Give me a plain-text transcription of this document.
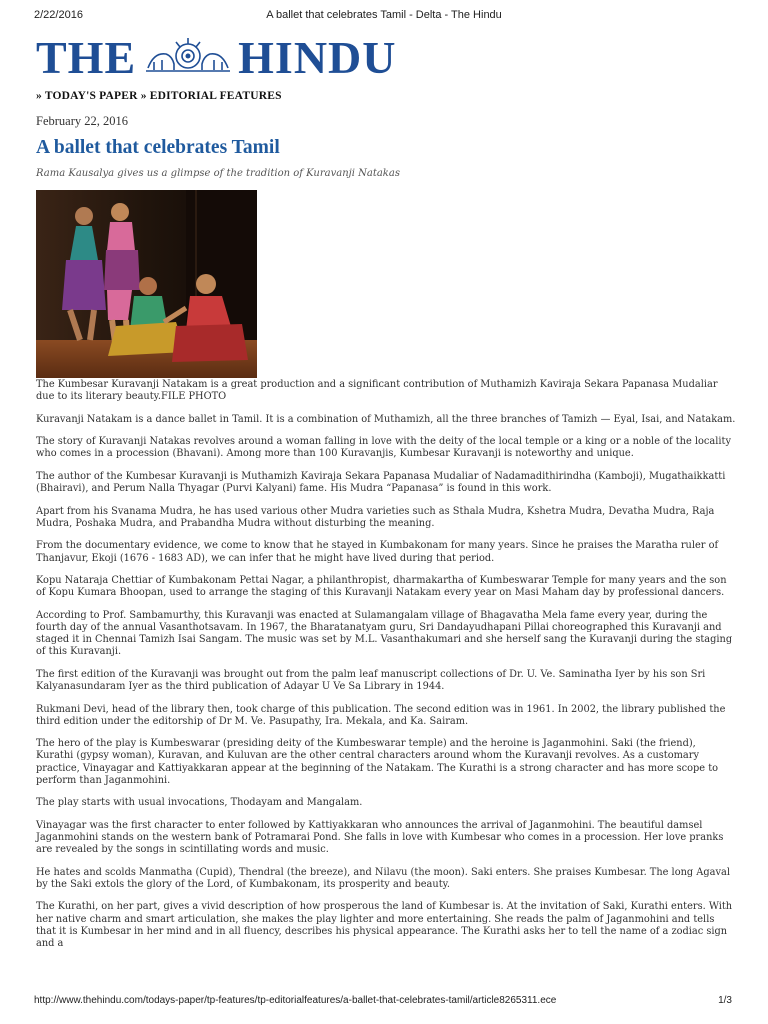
2/22/2016	A ballet that celebrates Tamil - Delta - The Hindu
THE HINDU
» TODAY'S PAPER » EDITORIAL FEATURES
February 22, 2016
A ballet that celebrates Tamil
Rama Kausalya gives us a glimpse of the tradition of Kuravanji Natakas

The Kumbesar Kuravanji Natakam is a great production and a significant contribution of Muthamizh Kaviraja Sekara Papanasa Mudaliar due to its literary beauty.FILE PHOTO

Kuravanji Natakam is a dance ballet in Tamil. It is a combination of Muthamizh, all the three branches of Tamizh — Eyal, Isai, and Natakam.

The story of Kuravanji Natakas revolves around a woman falling in love with the deity of the local temple or a king or a noble of the locality who comes in a procession (Bhavani). Among more than 100 Kuravanjis, Kumbesar Kuravanji is noteworthy and unique.

The author of the Kumbesar Kuravanji is Muthamizh Kaviraja Sekara Papanasa Mudaliar of Nadamadithirindha (Kamboji), Mugathaikkatti (Bhairavi), and Perum Nalla Thyagar (Purvi Kalyani) fame. His Mudra “Papanasa” is found in this work.

Apart from his Svanama Mudra, he has used various other Mudra varieties such as Sthala Mudra, Kshetra Mudra, Devatha Mudra, Raja Mudra, Poshaka Mudra, and Prabandha Mudra without disturbing the meaning.

From the documentary evidence, we come to know that he stayed in Kumbakonam for many years. Since he praises the Maratha ruler of Thanjavur, Ekoji (1676 - 1683 AD), we can infer that he might have lived during that period.

Kopu Nataraja Chettiar of Kumbakonam Pettai Nagar, a philanthropist, dharmakartha of Kumbeswarar Temple for many years and the son of Kopu Kumara Bhoopan, used to arrange the staging of this Kuravanji Natakam every year on Masi Maham day by professional dancers.

According to Prof. Sambamurthy, this Kuravanji was enacted at Sulamangalam village of Bhagavatha Mela fame every year, during the fourth day of the annual Vasanthotsavam. In 1967, the Bharatanatyam guru, Sri Dandayudhapani Pillai choreographed this Kuravanji and staged it in Chennai Tamizh Isai Sangam. The music was set by M.L. Vasanthakumari and she herself sang the Kuravanji during the staging of this Kuravanji.

The first edition of the Kuravanji was brought out from the palm leaf manuscript collections of Dr. U. Ve. Saminatha Iyer by his son Sri Kalyanasundaram Iyer as the third publication of Adayar U Ve Sa Library in 1944.

Rukmani Devi, head of the library then, took charge of this publication. The second edition was in 1961. In 2002, the library published the third edition under the editorship of Dr M. Ve. Pasupathy, Ira. Mekala, and Ka. Sairam.

The hero of the play is Kumbeswarar (presiding deity of the Kumbeswarar temple) and the heroine is Jaganmohini. Saki (the friend), Kurathi (gypsy woman), Kuravan, and Kuluvan are the other central characters around whom the Kuravanji revolves. As a customary practice, Vinayagar and Kattiyakkaran appear at the beginning of the Natakam. The Kurathi is a strong character and has more scope to perform than Jaganmohini.

The play starts with usual invocations, Thodayam and Mangalam.

Vinayagar was the first character to enter followed by Kattiyakkaran who announces the arrival of Jaganmohini. The beautiful damsel Jaganmohini stands on the western bank of Potramarai Pond. She falls in love with Kumbesar who comes in a procession. Her love pranks are revealed by the songs in scintillating words and music.

He hates and scolds Manmatha (Cupid), Thendral (the breeze), and Nilavu (the moon). Saki enters. She praises Kumbesar. The long Agaval by the Saki extols the glory of the Lord, of Kumbakonam, its prosperity and beauty.

The Kurathi, on her part, gives a vivid description of how prosperous the land of Kumbesar is. At the invitation of Saki, Kurathi enters. With her native charm and smart articulation, she makes the play lighter and more entertaining. She reads the palm of Jaganmohini and tells that it is Kumbesar in her mind and in all fluency, describes his physical appearance. The Kurathi asks her to tell the name of a zodiac sign and a

http://www.thehindu.com/todays-paper/tp-features/tp-editorialfeatures/a-ballet-that-celebrates-tamil/article8265311.ece	1/3
